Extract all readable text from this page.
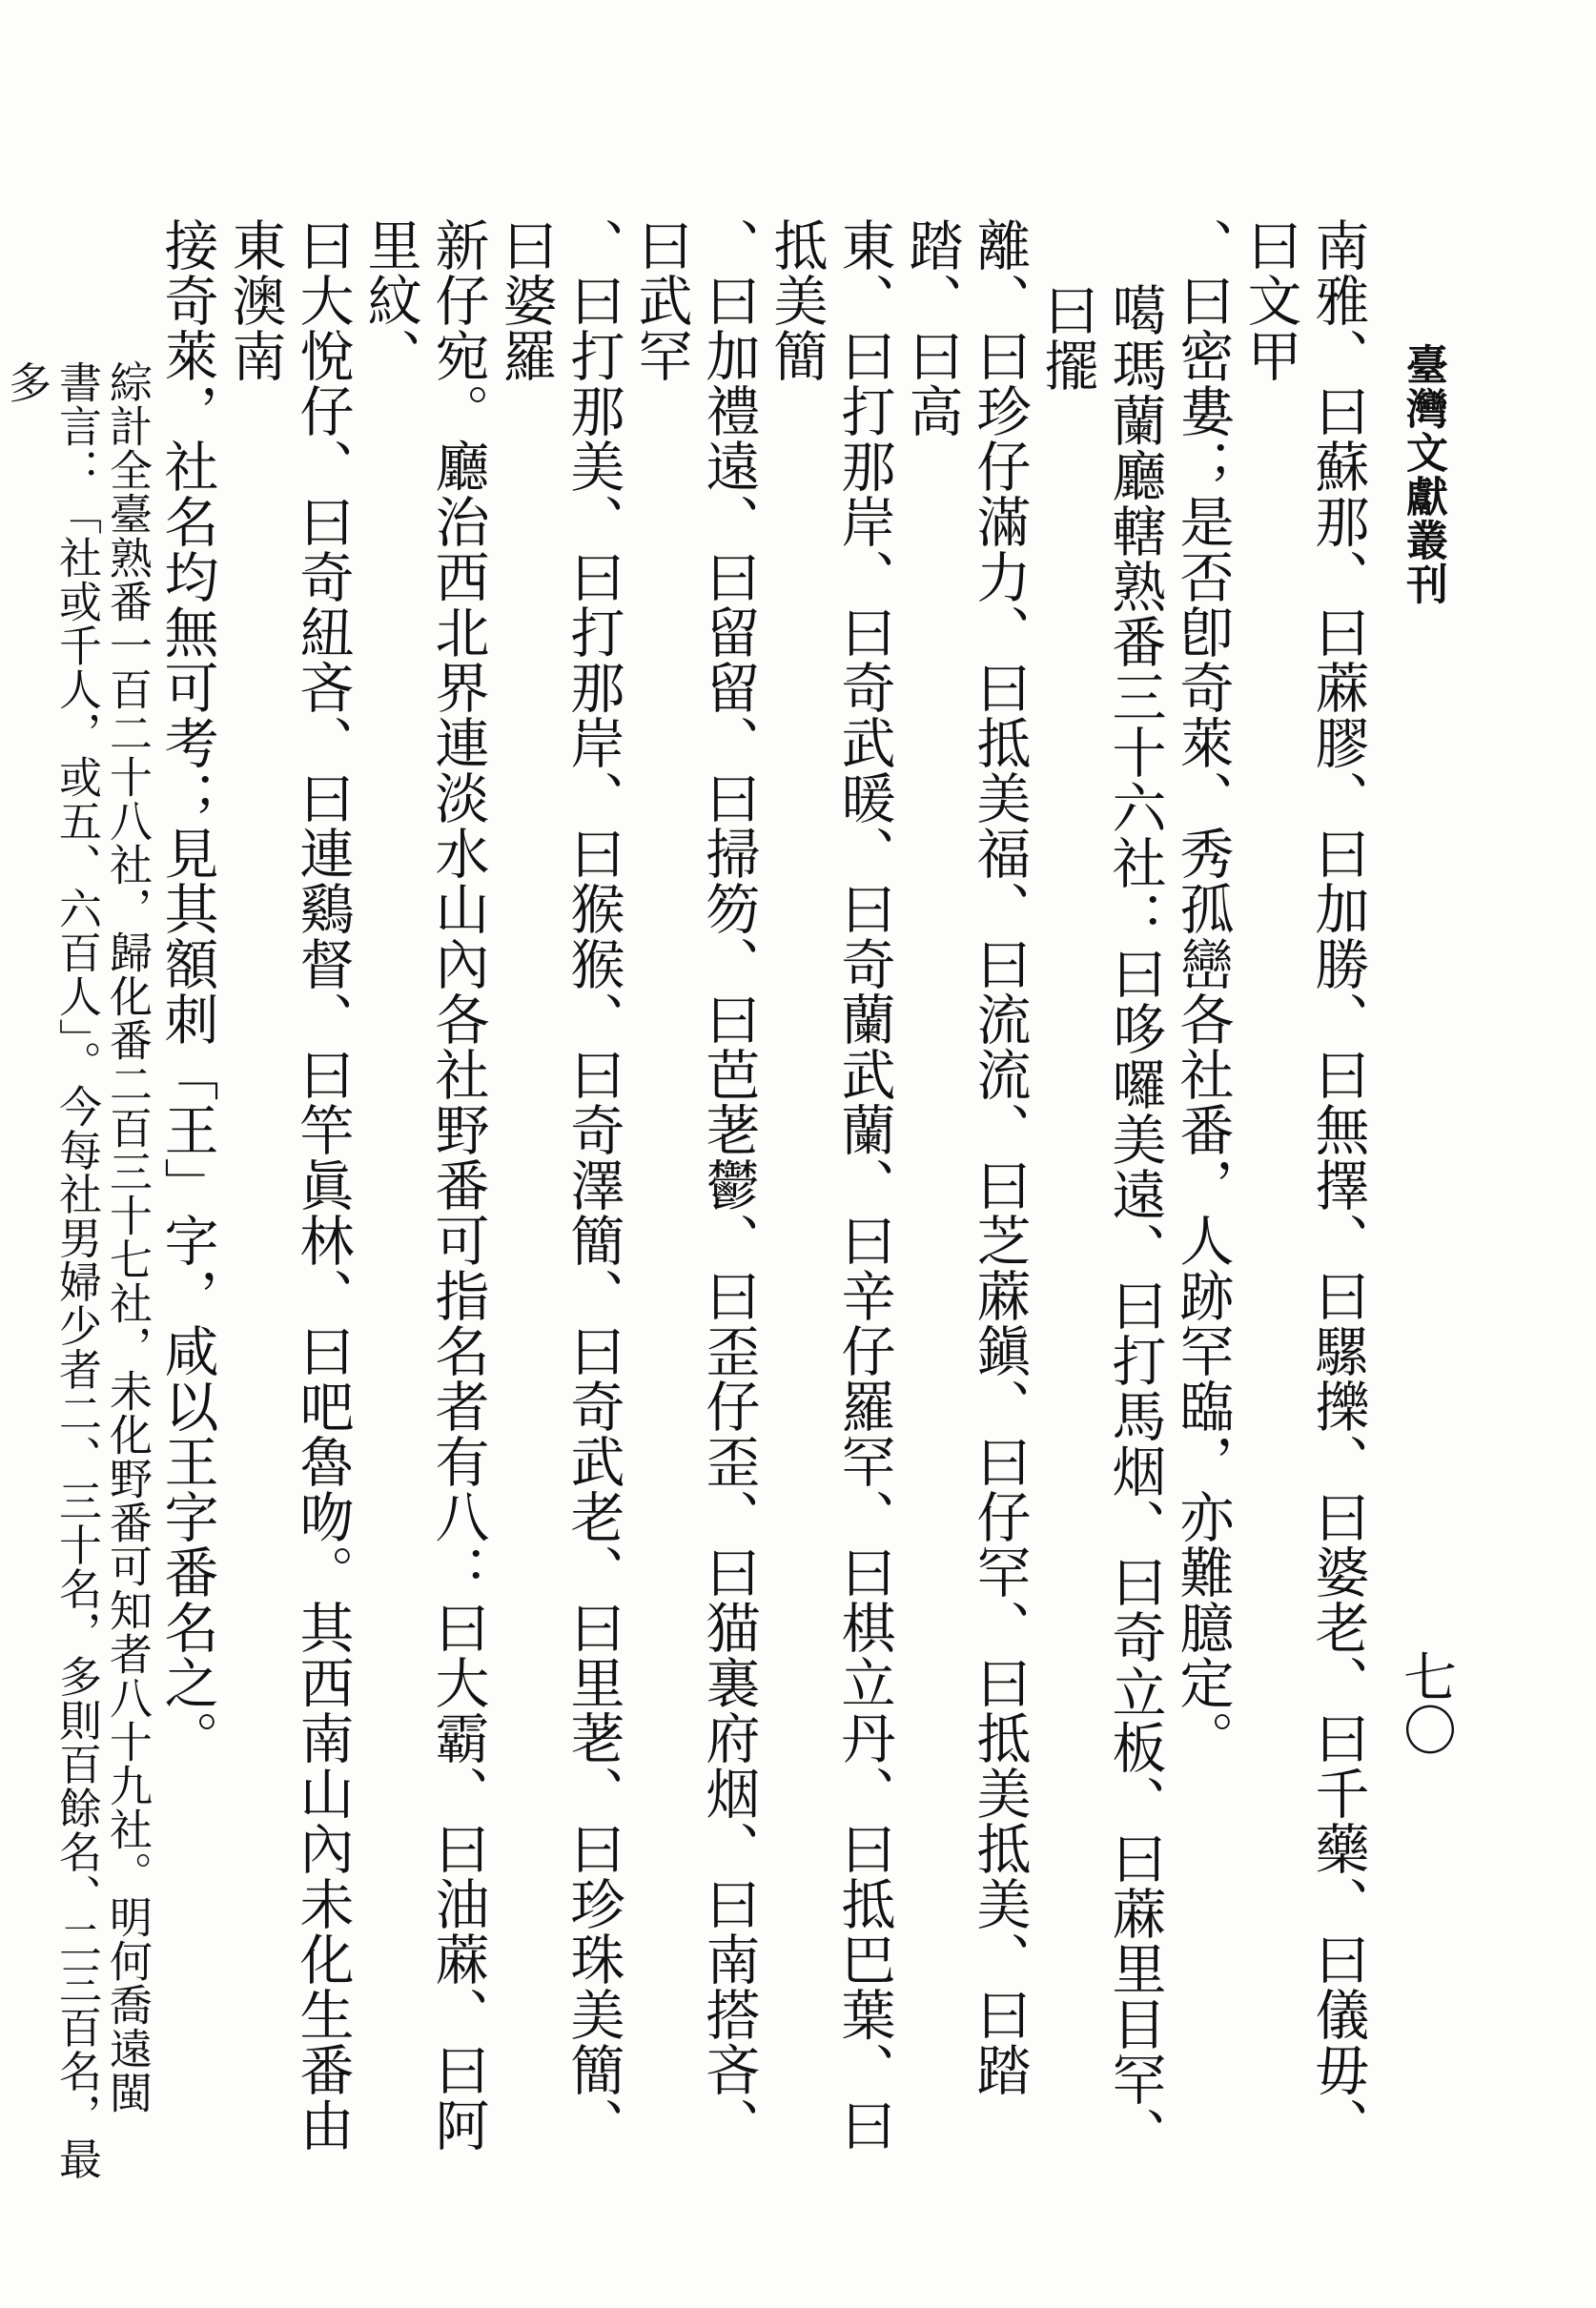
臺灣文獻叢刊
七〇

南雅、曰蘇那、曰蔴膠、曰加勝、曰無擇、曰騾擽、曰婆老、曰千藥、曰儀毋、曰文甲

、曰密婁；是否卽奇萊、秀孤巒各社番，人跡罕臨，亦難臆定。

噶瑪蘭廳轄熟番三十六社：曰哆囉美遠、曰打馬烟、曰奇立板、曰蔴里目罕、曰擺

離、曰珍仔滿力、曰抵美福、曰流流、曰芝蔴鎭、曰仔罕、曰抵美抵美、曰踏踏、曰高

東、曰打那岸、曰奇武暖、曰奇蘭武蘭、曰辛仔羅罕、曰棋立丹、曰抵巴葉、曰抵美簡

、曰加禮遠、曰留留、曰掃笏、曰芭荖鬱、曰歪仔歪、曰猫裏府烟、曰南搭吝、曰武罕

、曰打那美、曰打那岸、曰猴猴、曰奇澤簡、曰奇武老、曰里荖、曰珍珠美簡、曰婆羅

新仔宛。廳治西北界連淡水山內各社野番可指名者有八：曰大霸、曰油蔴、曰阿里紋、

曰大悅仔、曰奇紐吝、曰連鷄督、曰竿眞林、曰吧魯吻。其西南山內未化生番由東澳南

接奇萊，社名均無可考；見其額刺「王」字，咸以王字番名之。

綜計全臺熟番一百二十八社，歸化番二百三十七社，未化野番可知者八十九社。明何喬遠閩

書言：「社或千人，或五、六百人」。今每社男婦少者二、三十名，多則百餘名、二三百名，最多
